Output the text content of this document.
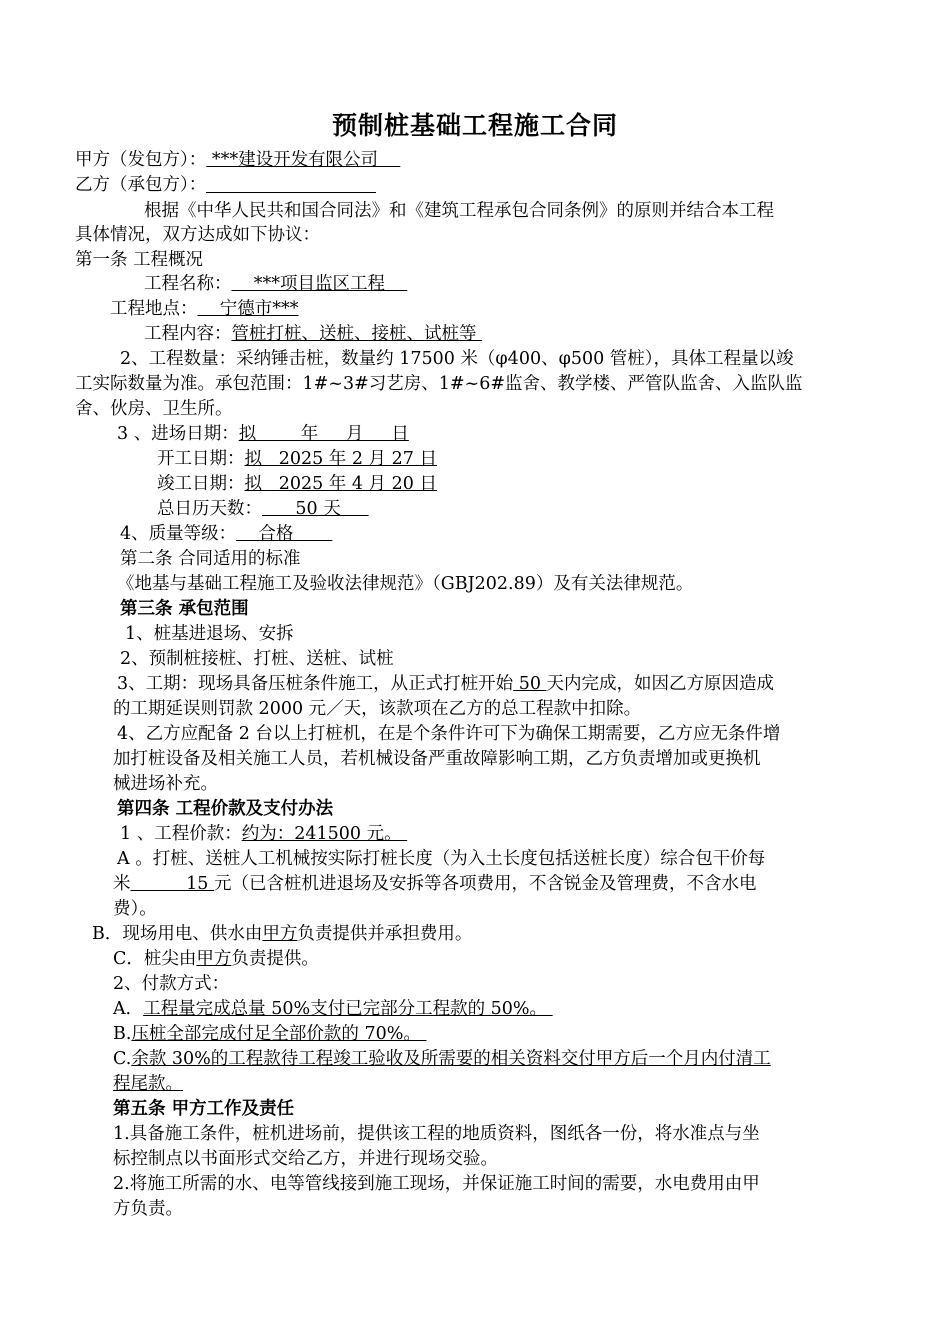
预制桩基础工程施工合同
甲方（发包方）： ***建设开发有限公司
乙方（承包方）：
根据《中华人民共和国合同法》和《建筑工程承包合同条例》的原则并结合本工程
具体情况，双方达成如下协议：
第一条 工程概况
工程名称：    ***项目监区工程
工程地点：    宁德市***
工程内容：管桩打桩、送桩、接桩、试桩等
2、工程数量：采纳锤击桩，数量约 17500 米（φ400、φ500 管桩），具体工程量以竣
工实际数量为准。承包范围：1#~3#习艺房、1#~6#监舍、教学楼、严管队监舍、入监队监
舍、伙房、卫生所。
3 、进场日期：拟        年     月     日
开工日期：拟   2025 年 2 月 27 日
竣工日期：拟   2025 年 4 月 20 日
总日历天数：      50 天
4、质量等级：    合格
第二条 合同适用的标准
《地基与基础工程施工及验收法律规范》（GBJ202.89）及有关法律规范。
第三条 承包范围
1、桩基进退场、安拆
2、预制桩接桩、打桩、送桩、试桩
3、工期：现场具备压桩条件施工，从正式打桩开始 50 天内完成，如因乙方原因造成
的工期延误则罚款 2000 元／天，该款项在乙方的总工程款中扣除。
4、乙方应配备 2 台以上打桩机，在是个条件许可下为确保工期需要，乙方应无条件增
加打桩设备及相关施工人员，若机械设备严重故障影响工期，乙方负责增加或更换机
械进场补充。
第四条 工程价款及支付办法
1 、工程价款：约为：241500 元。
A 。打桩、送桩人工机械按实际打桩长度（为入土长度包括送桩长度）综合包干价每
米          15 元（已含桩机进退场及安拆等各项费用，不含锐金及管理费，不含水电
费）。
B．现场用电、供水由甲方负责提供并承担费用。
C．桩尖由甲方负责提供。
2、付款方式：
A．工程量完成总量 50%支付已完部分工程款的 50%。
B.压桩全部完成付足全部价款的 70%。
C.余款 30%的工程款待工程竣工验收及所需要的相关资料交付甲方后一个月内付清工
程尾款。
第五条 甲方工作及责任
1.具备施工条件，桩机进场前，提供该工程的地质资料，图纸各一份，将水准点与坐
标控制点以书面形式交给乙方，并进行现场交验。
2.将施工所需的水、电等管线接到施工现场，并保证施工时间的需要，水电费用由甲
方负责。
